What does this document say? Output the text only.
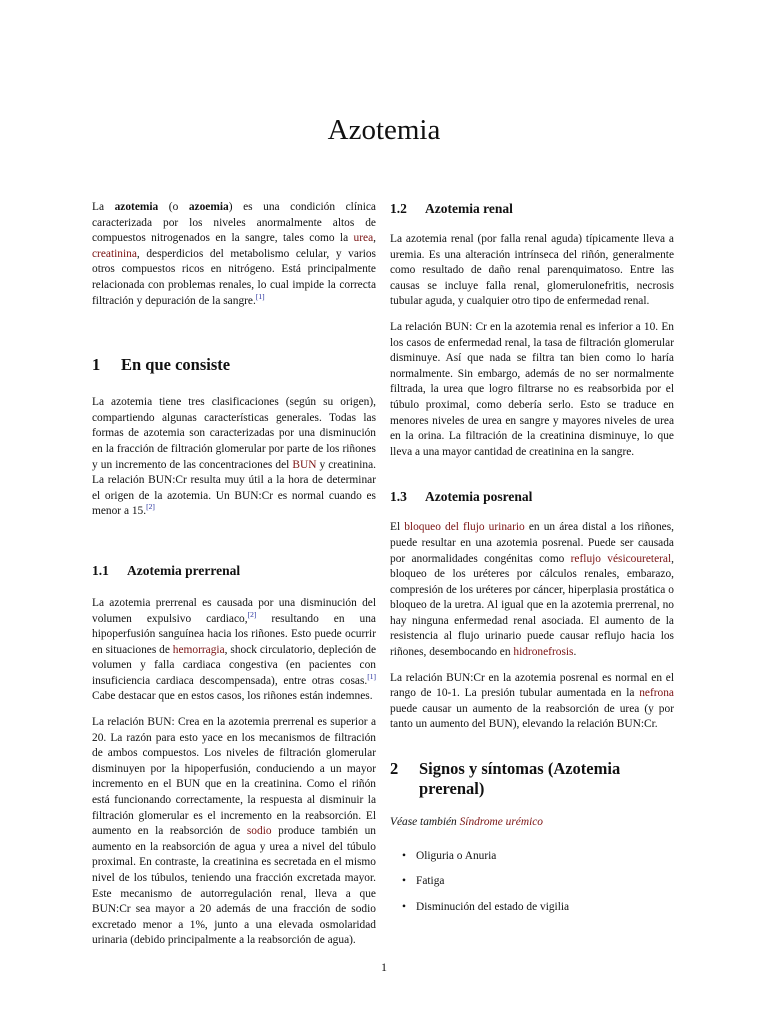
Azotemia

La azotemia (o azoemia) es una condición clínica caracterizada por los niveles anormalmente altos de compuestos nitrogenados en la sangre, tales como la urea, creatinina, desperdicios del metabolismo celular, y varios otros compuestos ricos en nitrógeno. Está principalmente relacionada con problemas renales, lo cual impide la correcta filtración y depuración de la sangre.[1]

1 En que consiste

La azotemia tiene tres clasificaciones (según su origen), compartiendo algunas características generales. Todas las formas de azotemia son caracterizadas por una disminución en la fracción de filtración glomerular por parte de los riñones y un incremento de las concentraciones del BUN y creatinina. La relación BUN:Cr resulta muy útil a la hora de determinar el origen de la azotemia. Un BUN:Cr es normal cuando es menor a 15.[2]

1.1 Azotemia prerrenal

La azotemia prerrenal es causada por una disminución del volumen expulsivo cardiaco,[2] resultando en una hipoperfusión sanguínea hacia los riñones. Esto puede ocurrir en situaciones de hemorragia, shock circulatorio, depleción de volumen y falla cardiaca congestiva (en pacientes con insuficiencia cardiaca descompensada), entre otras cosas.[1] Cabe destacar que en estos casos, los riñones están indemnes.

La relación BUN: Crea en la azotemia prerrenal es superior a 20. La razón para esto yace en los mecanismos de filtración de ambos compuestos. Los niveles de filtración glomerular disminuyen por la hipoperfusión, conduciendo a un mayor incremento en el BUN que en la creatinina. Como el riñón está funcionando correctamente, la respuesta al disminuir la filtración glomerular es el incremento en la reabsorción. El aumento en la reabsorción de sodio produce también un aumento en la reabsorción de agua y urea a nivel del túbulo proximal. En contraste, la creatinina es secretada en el mismo nivel de los túbulos, teniendo una fracción excretada mayor. Este mecanismo de autorregulación renal, lleva a que BUN:Cr sea mayor a 20 además de una fracción de sodio excretado menor a 1%, junto a una elevada osmolaridad urinaria (debido principalmente a la reabsorción de agua).

1.2 Azotemia renal

La azotemia renal (por falla renal aguda) típicamente lleva a uremia. Es una alteración intrínseca del riñón, generalmente como resultado de daño renal parenquimatoso. Entre las causas se incluye falla renal, glomerulonefritis, necrosis tubular aguda, y cualquier otro tipo de enfermedad renal.

La relación BUN: Cr en la azotemia renal es inferior a 10. En los casos de enfermedad renal, la tasa de filtración glomerular disminuye. Así que nada se filtra tan bien como lo haría normalmente. Sin embargo, además de no ser normalmente filtrada, la urea que logro filtrarse no es reabsorbida por el túbulo proximal, como debería serlo. Esto se traduce en menores niveles de urea en sangre y mayores niveles de urea en la orina. La filtración de la creatinina disminuye, lo que lleva a una mayor cantidad de creatinina en la sangre.

1.3 Azotemia posrenal

El bloqueo del flujo urinario en un área distal a los riñones, puede resultar en una azotemia posrenal. Puede ser causada por anormalidades congénitas como reflujo vésicoureteral, bloqueo de los uréteres por cálculos renales, embarazo, compresión de los uréteres por cáncer, hiperplasia prostática o bloqueo de la uretra. Al igual que en la azotemia prerrenal, no hay ninguna enfermedad renal asociada. El aumento de la resistencia al flujo urinario puede causar reflujo hacia los riñones, desembocando en hidronefrosis.

La relación BUN:Cr en la azotemia posrenal es normal en el rango de 10-1. La presión tubular aumentada en la nefrona puede causar un aumento de la reabsorción de urea (y por tanto un aumento del BUN), elevando la relación BUN:Cr.

2	Signos y síntomas (Azotemia prerenal)

Véase también Síndrome urémico

• Oliguria o Anuria
• Fatiga
• Disminución del estado de vigilia
1
